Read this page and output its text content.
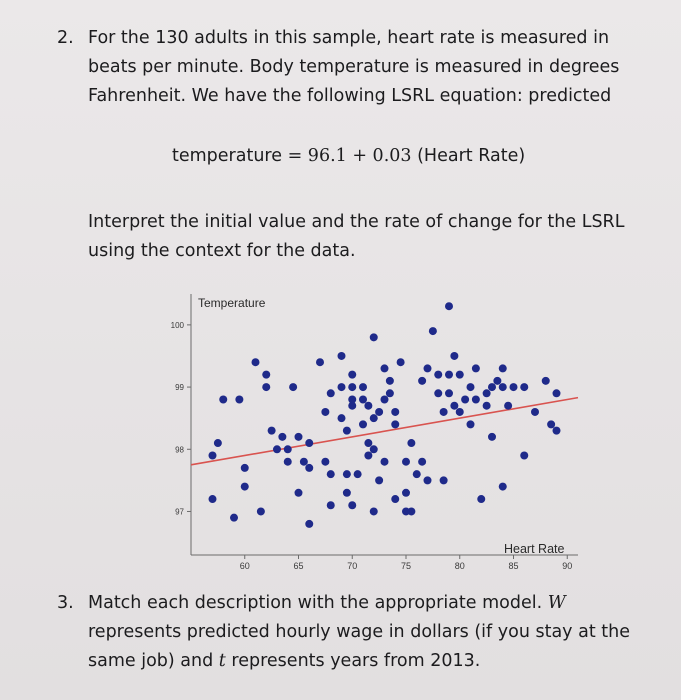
2. For the 130 adults in this sample, heart rate is measured in beats per minute. Body temperature is measured in degrees Fahrenheit. We have the following LSRL equation: predicted
temperature = 96.1 + 0.03 (Heart Rate)
Interpret the initial value and the rate of change for the LSRL using the context for the data.
60	65	70	75	80	85	90
97
98
99
100
Temperature
Heart Rate
3. Match each description with the appropriate model. W represents predicted hourly wage in dollars (if you stay at the same job) and t represents years from 2013.
